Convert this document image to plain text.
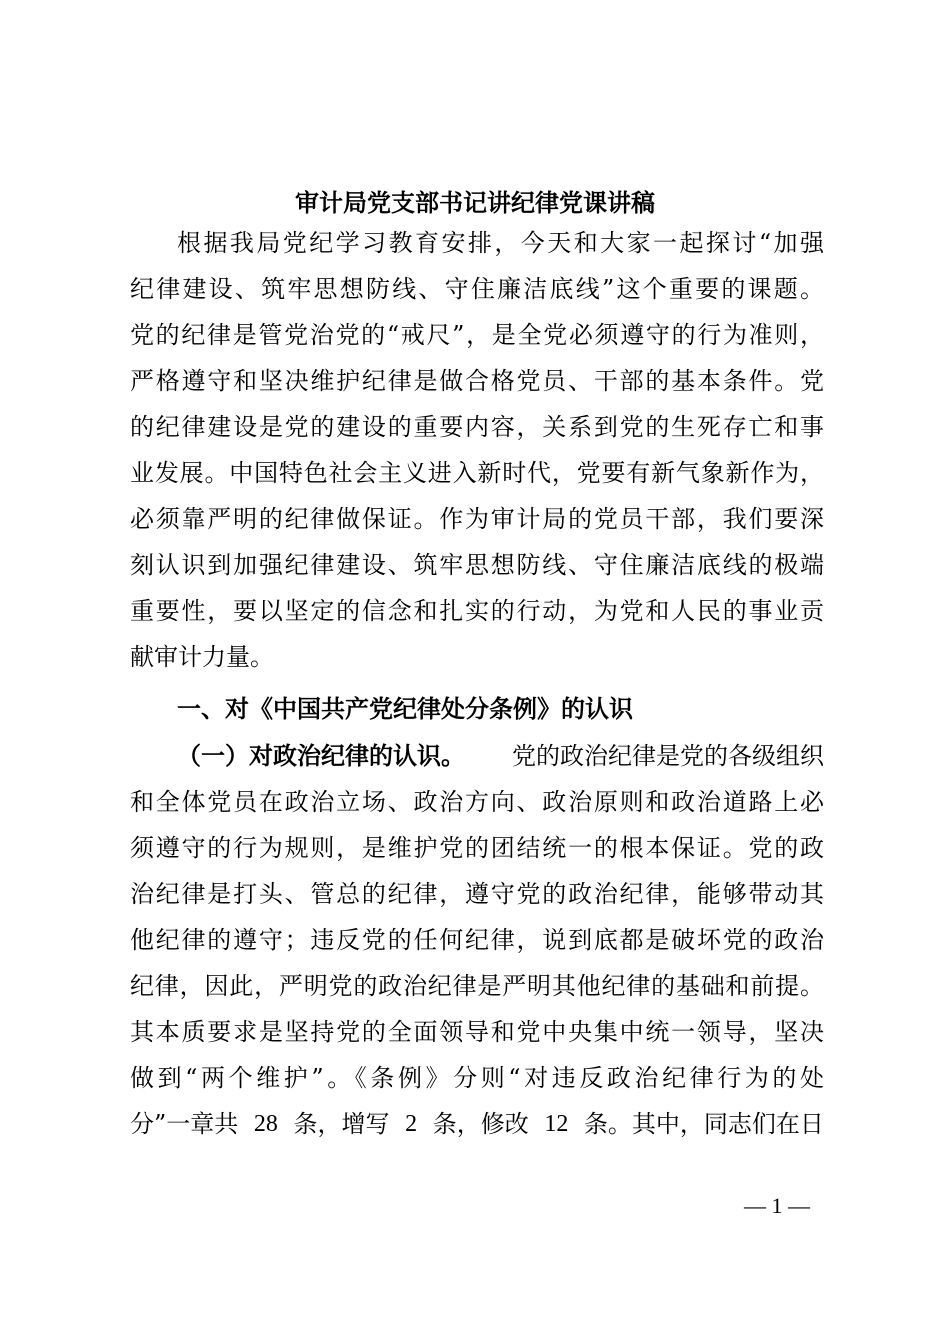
审计局党支部书记讲纪律党课讲稿
根据我局党纪学习教育安排，今天和大家一起探讨“加强
纪律建设、筑牢思想防线、守住廉洁底线”这个重要的课题。
党的纪律是管党治党的“戒尺”，是全党必须遵守的行为准则，
严格遵守和坚决维护纪律是做合格党员、干部的基本条件。党
的纪律建设是党的建设的重要内容，关系到党的生死存亡和事
业发展。中国特色社会主义进入新时代，党要有新气象新作为，
必须靠严明的纪律做保证。作为审计局的党员干部，我们要深
刻认识到加强纪律建设、筑牢思想防线、守住廉洁底线的极端
重要性，要以坚定的信念和扎实的行动，为党和人民的事业贡
献审计力量。
一、对《中国共产党纪律处分条例》的认识
（一）对政治纪律的认识。 党的政治纪律是党的各级组织
和全体党员在政治立场、政治方向、政治原则和政治道路上必
须遵守的行为规则，是维护党的团结统一的根本保证。党的政
治纪律是打头、管总的纪律，遵守党的政治纪律，能够带动其
他纪律的遵守；违反党的任何纪律，说到底都是破坏党的政治
纪律，因此，严明党的政治纪律是严明其他纪律的基础和前提。
其本质要求是坚持党的全面领导和党中央集中统一领导，坚决
做到“两个维护”。《条例》分则“对违反政治纪律行为的处
分”一章共 28 条，增写 2 条，修改 12 条。其中，同志们在日
— 1 —
